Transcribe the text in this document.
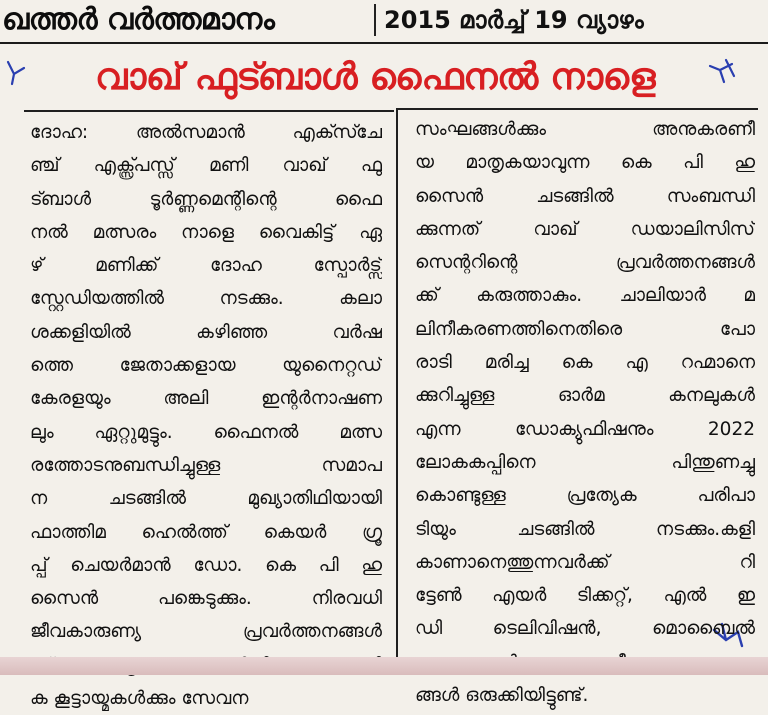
ഖത്തർ വർത്തമാനം	2015 മാർച്ച് 19 വ്യാഴം
വാഖ് ഫുട്ബാൾ ഫൈനൽ നാളെ
ദോഹ: അൽസമാൻ എക്സ്ചേ
ഞ്ച് എക്സ്പ്രസ്സ് മണി വാഖ് ഫു
ട്ബാൾ ടൂർണ്ണമെന്റിന്റെ ഫൈ
നൽ മത്സരം നാളെ വൈകിട്ട് ഏ
ഴ് മണിക്ക് ദോഹ സ്പോർട്സ്
സ്റ്റേഡിയത്തിൽ നടക്കും. കലാ
ശക്കളിയിൽ കഴിഞ്ഞ വർഷ
ത്തെ ജേതാക്കളായ യുനൈറ്റഡ്
കേരളയും അലി ഇന്റർനാഷണ
ലും ഏറ്റുമുട്ടും. ഫൈനൽ മത്സ
രത്തോടനുബന്ധിച്ചുള്ള സമാപ
ന ചടങ്ങിൽ മുഖ്യാതിഥിയായി
ഫാത്തിമ ഹെൽത്ത് കെയർ ഗ്രൂ
പ്പ് ചെയർമാൻ ഡോ. കെ പി ഹു
സൈൻ പങ്കെടുക്കും. നിരവധി
ജീവകാരുണ്യ പ്രവർത്തനങ്ങൾ
ക കൂട്ടായ്മകൾക്കും സേവന
സംഘങ്ങൾക്കും അനുകരണീ
യ മാതൃകയാവുന്ന കെ പി ഹു
സൈൻ ചടങ്ങിൽ സംബന്ധി
ക്കുന്നത് വാഖ് ഡയാലിസിസ്
സെന്ററിന്റെ പ്രവർത്തനങ്ങൾ
ക്ക് കരുത്താകും. ചാലിയാർ മ
ലിനീകരണത്തിനെതിരെ പോ
രാടി മരിച്ച കെ എ റഹ്മാനെ
ക്കുറിച്ചുള്ള ഓർമ കനലുകൾ
എന്ന ഡോക്യുഫിഷനും 2022
ലോകകപ്പിനെ പിന്തുണച്ചു
കൊണ്ടുള്ള പ്രത്യേക പരിപാ
ടിയും ചടങ്ങിൽ നടക്കും.കളി
കാണാനെത്തുന്നവർക്ക് റി
ട്ടേൺ എയർ ടിക്കറ്റ്, എൽ ഇ
ഡി ടെലിവിഷൻ, മൊബൈൽ
ങ്ങൾ ഒരുക്കിയിട്ടുണ്ട്.
